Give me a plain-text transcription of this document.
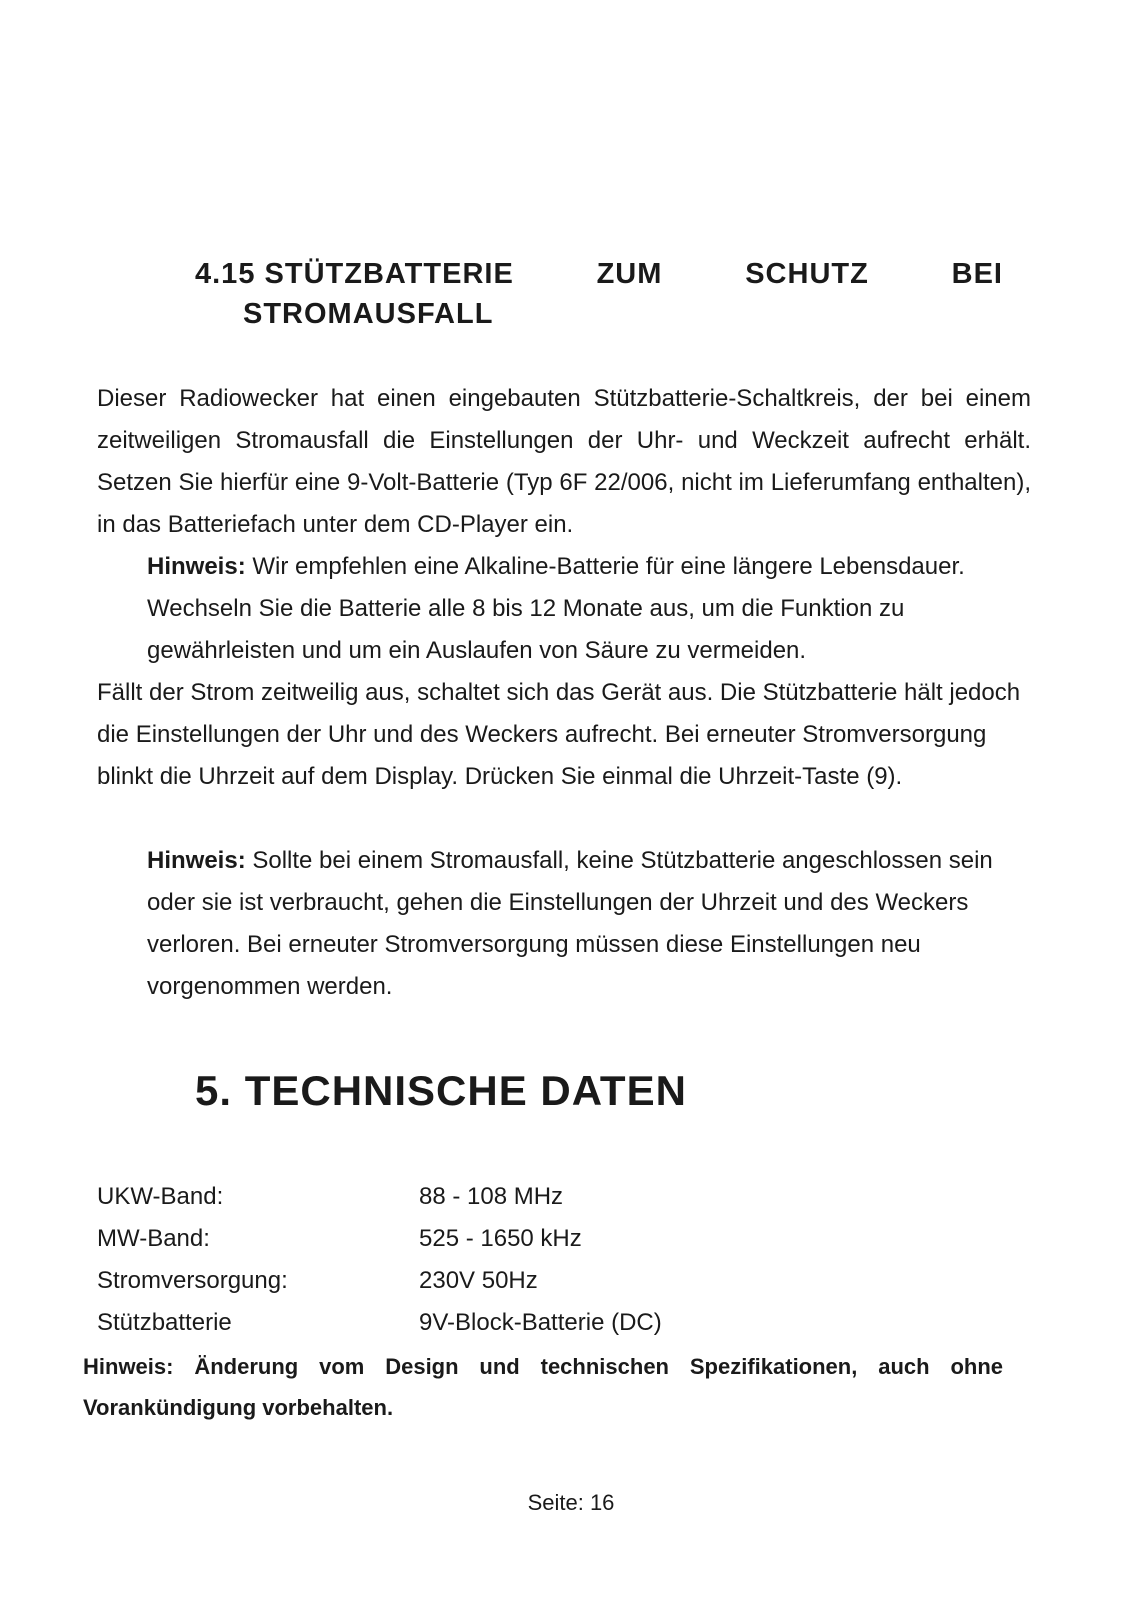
4.15 STÜTZBATTERIE	ZUM	SCHUTZ	BEI
STROMAUSFALL
Dieser Radiowecker hat einen eingebauten Stützbatterie-Schaltkreis, der bei einem zeitweiligen Stromausfall die Einstellungen der Uhr- und Weckzeit aufrecht erhält. Setzen Sie hierfür eine 9-Volt-Batterie (Typ 6F 22/006, nicht im Lieferumfang enthalten), in das Batteriefach unter dem CD-Player ein.
Hinweis: Wir empfehlen eine Alkaline-Batterie für eine längere Lebensdauer. Wechseln Sie die Batterie alle 8 bis 12 Monate aus, um die Funktion zu gewährleisten und um ein Auslaufen von Säure zu vermeiden.
Fällt der Strom zeitweilig aus, schaltet sich das Gerät aus. Die Stützbatterie hält jedoch die Einstellungen der Uhr und des Weckers aufrecht. Bei erneuter Stromversorgung blinkt die Uhrzeit auf dem Display. Drücken Sie einmal die Uhrzeit-Taste (9).
Hinweis: Sollte bei einem Stromausfall, keine Stützbatterie angeschlossen sein oder sie ist verbraucht, gehen die Einstellungen der Uhrzeit und des Weckers verloren. Bei erneuter Stromversorgung müssen diese Einstellungen neu vorgenommen werden.
5. TECHNISCHE DATEN
UKW-Band:	88 - 108 MHz
MW-Band:	525 - 1650 kHz
Stromversorgung:	230V 50Hz
Stützbatterie	9V-Block-Batterie (DC)
Hinweis: Änderung vom Design und technischen Spezifikationen, auch ohne Vorankündigung vorbehalten.
Seite: 16
